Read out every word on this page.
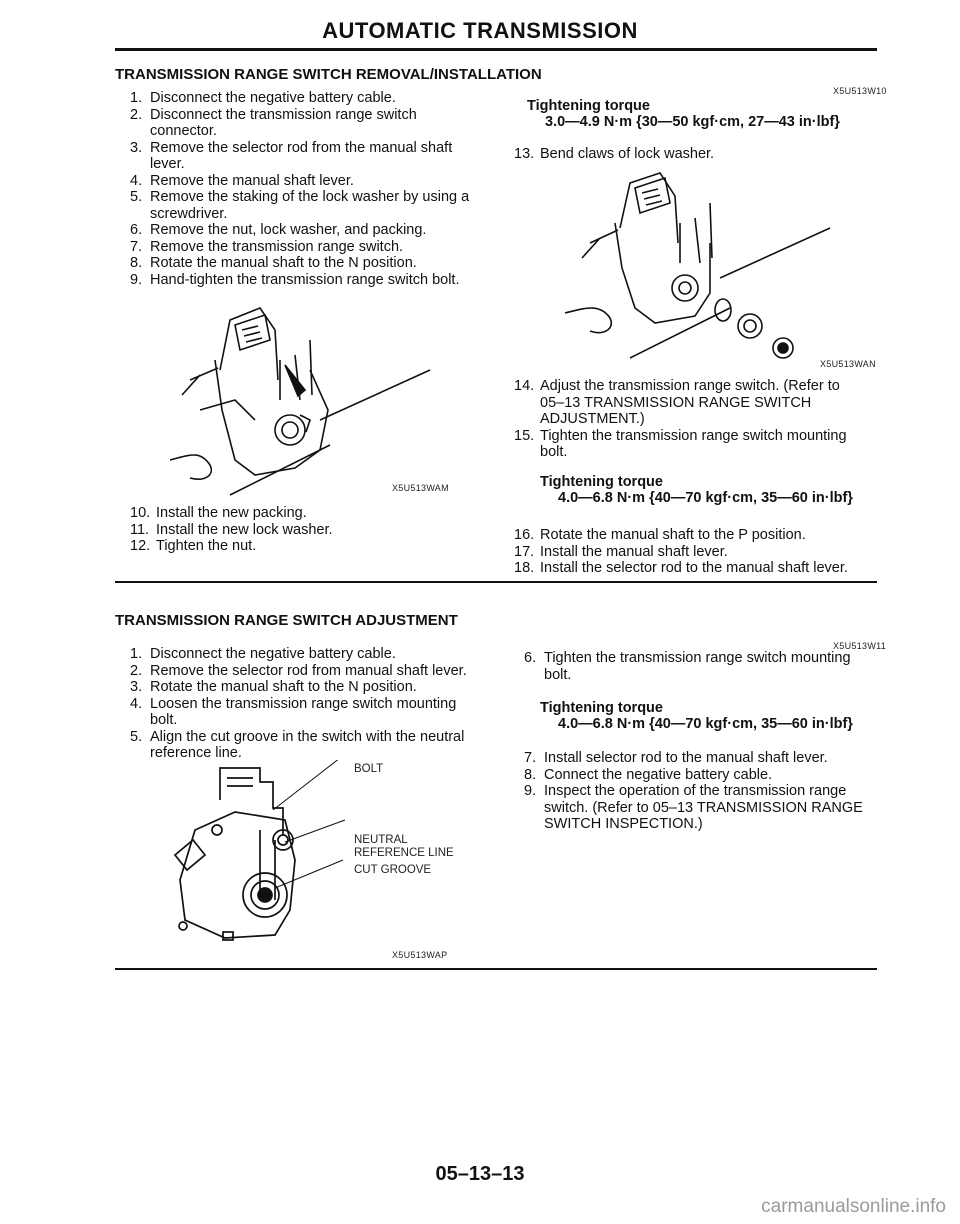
AUTOMATIC TRANSMISSION
TRANSMISSION RANGE SWITCH REMOVAL/INSTALLATION
1. Disconnect the negative battery cable.
2. Disconnect the transmission range switch
connector.
3. Remove the selector rod from the manual shaft
lever.
4. Remove the manual shaft lever.
5. Remove the staking of the lock washer by using a
screwdriver.
6. Remove the nut, lock washer, and packing.
7. Remove the transmission range switch.
8. Rotate the manual shaft to the N position.
9. Hand-tighten the transmission range switch bolt.
X5U513WAM
10. Install the new packing.
11. Install the new lock washer.
12. Tighten the nut.
X5U513W10
Tightening torque
3.0—4.9 N·m {30—50 kgf·cm, 27—43 in·lbf}
13. Bend claws of lock washer.
X5U513WAN
14. Adjust the transmission range switch. (Refer to
05–13 TRANSMISSION RANGE SWITCH
ADJUSTMENT.)
15. Tighten the transmission range switch mounting
bolt.
Tightening torque
4.0—6.8 N·m {40—70 kgf·cm, 35—60 in·lbf}
16. Rotate the manual shaft to the P position.
17. Install the manual shaft lever.
18. Install the selector rod to the manual shaft lever.
TRANSMISSION RANGE SWITCH ADJUSTMENT
1. Disconnect the negative battery cable.
2. Remove the selector rod from manual shaft lever.
3. Rotate the manual shaft to the N position.
4. Loosen the transmission range switch mounting
bolt.
5. Align the cut groove in the switch with the neutral
reference line.
BOLT
NEUTRAL
REFERENCE LINE
CUT GROOVE
X5U513WAP
X5U513W11
6. Tighten the transmission range switch mounting
bolt.
Tightening torque
4.0—6.8 N·m {40—70 kgf·cm, 35—60 in·lbf}
7. Install selector rod to the manual shaft lever.
8. Connect the negative battery cable.
9. Inspect the operation of the transmission range
switch. (Refer to 05–13 TRANSMISSION RANGE
SWITCH INSPECTION.)
05–13–13
carmanualsonline.info
